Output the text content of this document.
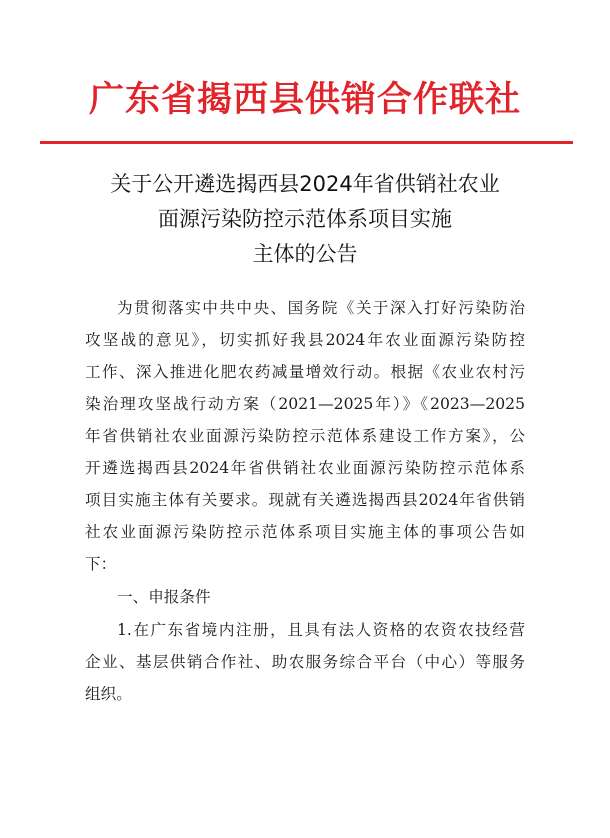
广东省揭西县供销合作联社
关于公开遴选揭西县2024年省供销社农业
面源污染防控示范体系项目实施
主体的公告
为贯彻落实中共中央、国务院《关于深入打好污染防治
攻坚战的意见》，切实抓好我县2024年农业面源污染防控
工作、深入推进化肥农药减量增效行动。根据《农业农村污
染治理攻坚战行动方案（2021—2025年）》《2023—2025
年省供销社农业面源污染防控示范体系建设工作方案》，公
开遴选揭西县2024年省供销社农业面源污染防控示范体系
项目实施主体有关要求。现就有关遴选揭西县2024年省供销
社农业面源污染防控示范体系项目实施主体的事项公告如
下：
一、申报条件
1.在广东省境内注册，且具有法人资格的农资农技经营
企业、基层供销合作社、助农服务综合平台（中心）等服务
组织。
